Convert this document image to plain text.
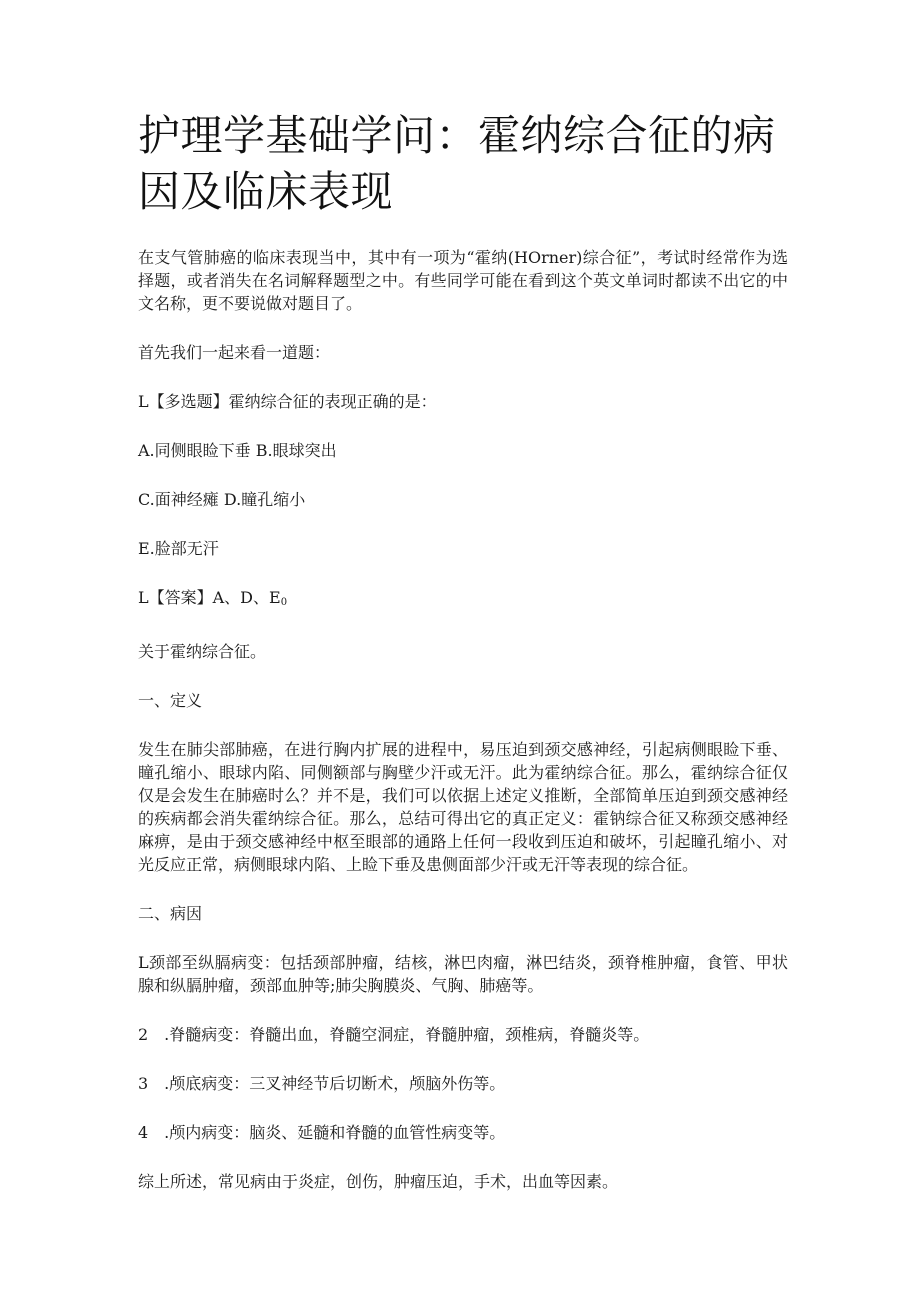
护理学基础学问：霍纳综合征的病因及临床表现

在支气管肺癌的临床表现当中，其中有一项为“霍纳(HOrner)综合征”，考试时经常作为选择题，或者消失在名词解释题型之中。有些同学可能在看到这个英文单词时都读不出它的中文名称，更不要说做对题目了。

首先我们一起来看一道题：

L【多选题】霍纳综合征的表现正确的是：

A.同侧眼睑下垂 B.眼球突出

C.面神经瘫 D.瞳孔缩小

E.脸部无汗

L【答案】A、D、$E_0$

关于霍纳综合征。

一、定义

发生在肺尖部肺癌，在进行胸内扩展的进程中，易压迫到颈交感神经，引起病侧眼睑下垂、瞳孔缩小、眼球内陷、同侧额部与胸壁少汗或无汗。此为霍纳综合征。那么，霍纳综合征仅仅是会发生在肺癌时么？并不是，我们可以依据上述定义推断，全部简单压迫到颈交感神经的疾病都会消失霍纳综合征。那么，总结可得出它的真正定义：霍钠综合征又称颈交感神经麻痹，是由于颈交感神经中枢至眼部的通路上任何一段收到压迫和破坏，引起瞳孔缩小、对光反应正常，病侧眼球内陷、上睑下垂及患侧面部少汗或无汗等表现的综合征。

二、病因

L颈部至纵膈病变：包括颈部肿瘤，结核，淋巴肉瘤，淋巴结炎，颈脊椎肿瘤，食管、甲状腺和纵膈肿瘤，颈部血肿等;肺尖胸膜炎、气胸、肺癌等。

2　.脊髓病变：脊髓出血，脊髓空洞症，脊髓肿瘤，颈椎病，脊髓炎等。

3　.颅底病变：三叉神经节后切断术，颅脑外伤等。

4　.颅内病变：脑炎、延髓和脊髓的血管性病变等。

综上所述，常见病由于炎症，创伤，肿瘤压迫，手术，出血等因素。
